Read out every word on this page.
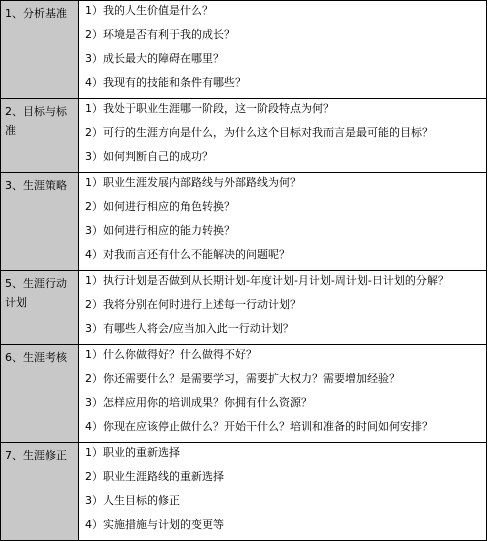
1、分析基准	1）我的人生价值是什么？
2）环境是否有利于我的成长？
3）成长最大的障碍在哪里？
4）我现有的技能和条件有哪些？

2、目标与标准	1）我处于职业生涯哪一阶段，这一阶段特点为何？
2）可行的生涯方向是什么，为什么这个目标对我而言是最可能的目标？
3）如何判断自己的成功？

3、生涯策略	1）职业生涯发展内部路线与外部路线为何？
2）如何进行相应的角色转换？
3）如何进行相应的能力转换？
4）对我而言还有什么不能解决的问题呢？

5、生涯行动计划	1）执行计划是否做到从长期计划-年度计划-月计划-周计划-日计划的分解？
2）我将分别在何时进行上述每一行动计划？
3）有哪些人将会/应当加入此一行动计划？

6、生涯考核	1）什么你做得好？什么做得不好？
2）你还需要什么？是需要学习，需要扩大权力？需要增加经验？
3）怎样应用你的培训成果？你拥有什么资源？
4）你现在应该停止做什么？开始干什么？培训和准备的时间如何安排？

7、生涯修正	1）职业的重新选择
2）职业生涯路线的重新选择
3）人生目标的修正
4）实施措施与计划的变更等
